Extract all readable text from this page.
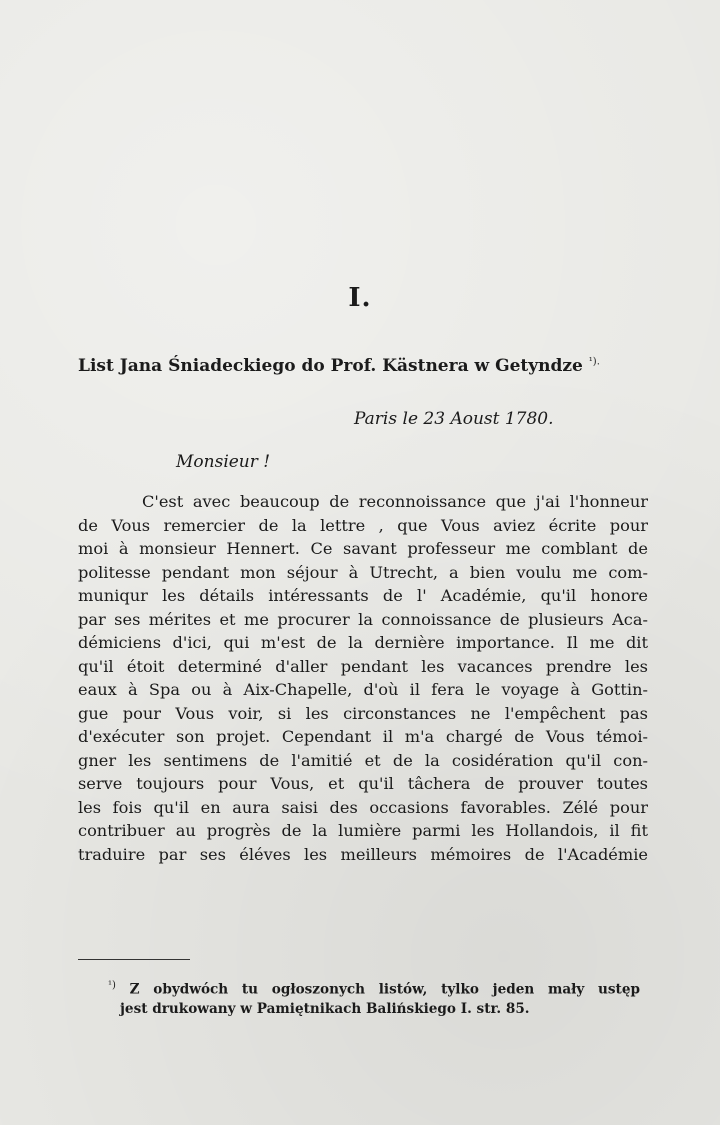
I.
List Jana Śniadeckiego do Prof. Kästnera w Getyndze $^{^1).}$
Paris le 23 Aoust 1780.
Monsieur !
C'est avec beaucoup de reconnoissance que j'ai l'honneur
de Vous remercier de la lettre , que Vous aviez écrite pour
moi à monsieur Hennert. Ce savant professeur me comblant de
politesse pendant mon séjour à Utrecht, a bien voulu me com-
muniqur les détails intéressants de l' Académie, qu'il honore
par ses mérites et me procurer la connoissance de plusieurs Aca-
démiciens d'ici, qui m'est de la dernière importance. Il me dit
qu'il étoit determiné d'aller pendant les vacances prendre les
eaux à Spa ou à Aix-Chapelle, d'où il fera le voyage à Gottin-
gue pour Vous voir, si les circonstances ne l'empêchent pas
d'exécuter son projet. Cependant il m'a chargé de Vous témoi-
gner les sentimens de l'amitié et de la cosidération qu'il con-
serve toujours pour Vous, et qu'il tâchera de prouver toutes
les fois qu'il en aura saisi des occasions favorables. Zélé pour
contribuer au progrès de la lumière parmi les Hollandois, il fit
traduire par ses éléves les meilleurs mémoires de l'Académie
$^{^1)}$ Z obydwóch tu ogłoszonych listów, tylko jeden mały ustęp
jest drukowany w Pamiętnikach Balińskiego I. str. 85.
